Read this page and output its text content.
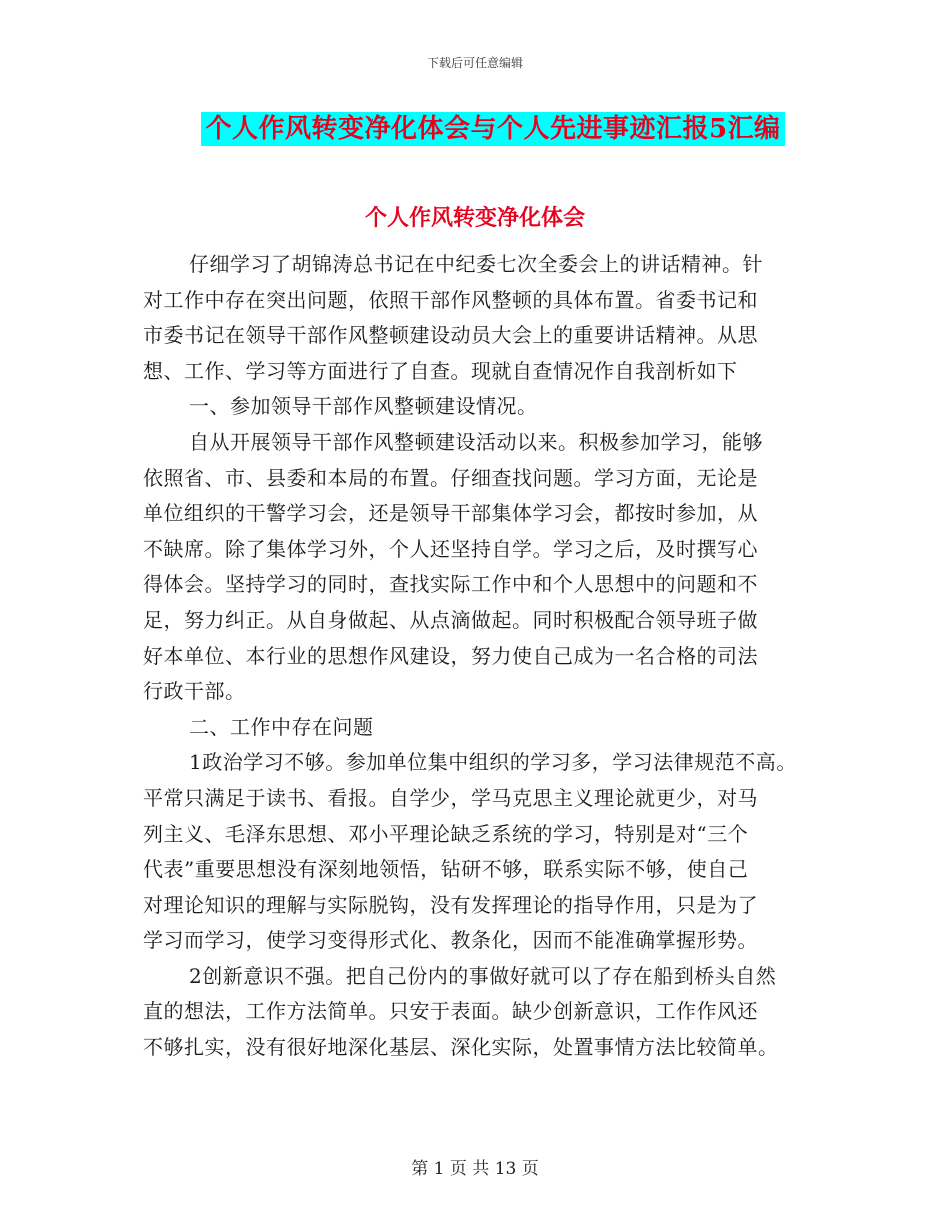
下载后可任意编辑
个人作风转变净化体会与个人先进事迹汇报5汇编
个人作风转变净化体会
仔细学习了胡锦涛总书记在中纪委七次全委会上的讲话精神。针
对工作中存在突出问题，依照干部作风整顿的具体布置。省委书记和
市委书记在领导干部作风整顿建设动员大会上的重要讲话精神。从思
想、工作、学习等方面进行了自查。现就自查情况作自我剖析如下
一、参加领导干部作风整顿建设情况。
自从开展领导干部作风整顿建设活动以来。积极参加学习，能够
依照省、市、县委和本局的布置。仔细查找问题。学习方面，无论是
单位组织的干警学习会，还是领导干部集体学习会，都按时参加，从
不缺席。除了集体学习外，个人还坚持自学。学习之后，及时撰写心
得体会。坚持学习的同时，查找实际工作中和个人思想中的问题和不
足，努力纠正。从自身做起、从点滴做起。同时积极配合领导班子做
好本单位、本行业的思想作风建设，努力使自己成为一名合格的司法
行政干部。
二、工作中存在问题
1政治学习不够。参加单位集中组织的学习多，学习法律规范不高。
平常只满足于读书、看报。自学少，学马克思主义理论就更少，对马
列主义、毛泽东思想、邓小平理论缺乏系统的学习，特别是对“三个
代表”重要思想没有深刻地领悟，钻研不够，联系实际不够，使自己
对理论知识的理解与实际脱钩，没有发挥理论的指导作用，只是为了
学习而学习，使学习变得形式化、教条化，因而不能准确掌握形势。
2创新意识不强。把自己份内的事做好就可以了存在船到桥头自然
直的想法，工作方法简单。只安于表面。缺少创新意识，工作作风还
不够扎实，没有很好地深化基层、深化实际，处置事情方法比较简单。
第 1 页 共 13 页
